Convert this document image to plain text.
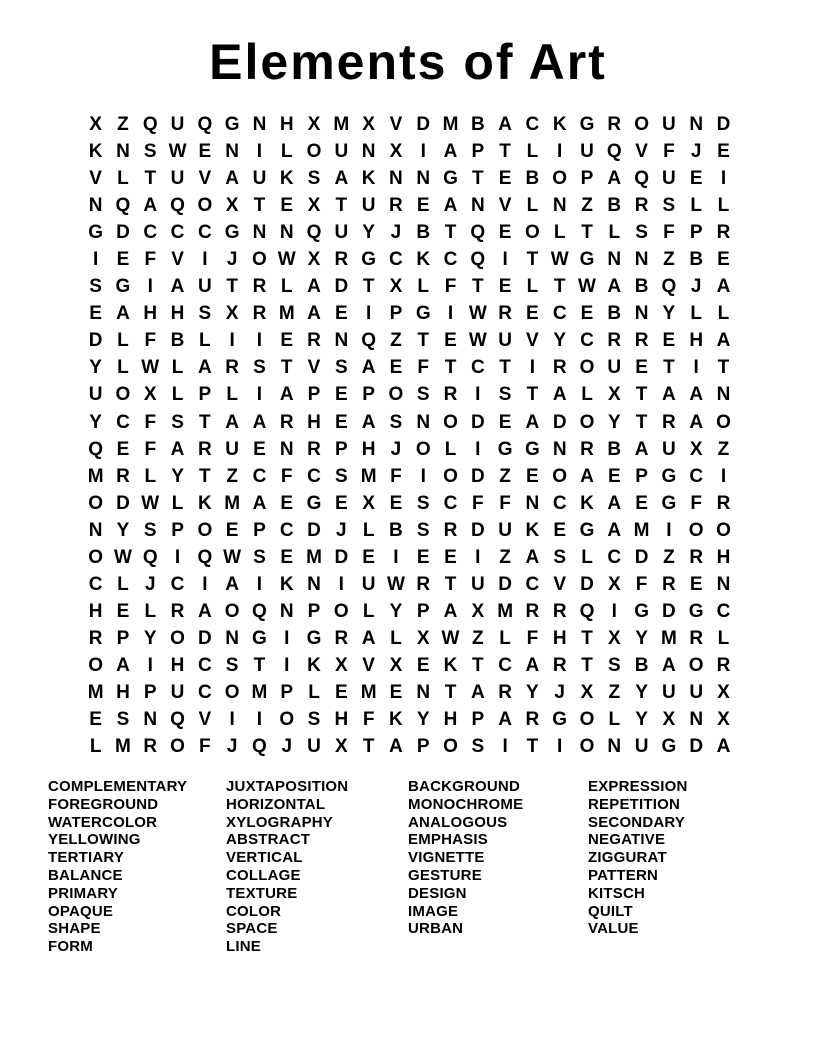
Elements of Art
X Z Q U Q G N H X M X V D M B A C K G R O U N D
K N S W E N I L O U N X I A P T L I U Q V F J E
V L T U V A U K S A K N N G T E B O P A Q U E I
N Q A Q O X T E X T U R E A N V L N Z B R S L L
G D C C C G N N Q U Y J B T Q E O L T L S F P R
I E F V I	J O W X R G C K C Q I T W G N N Z B E
S G I A U T R L A D T X L F T E L T W A B Q J A
E A H H S X R M A E I P G I W R E C E B N Y L L
D L F B L I	I E R N Q Z T E W U V Y C R R E H A
Y L W L A R S T V S A E F T C T I R O U E T I T
U O X L P L I A P E P O S R I S T A L X T A A N
Y C F S T A A R H E A S N O D E A D O Y T R A O
Q E F A R U E N R P H J O L I G G N R B A U X Z
M R L Y T Z C F C S M F I O D Z E O A E P G C I
O D W L K M A E G E X E S C F F N C K A E G F R
N Y S P O E P C D J L B S R D U K E G A M I O O
O W Q I Q W S E M D E I E E I Z A S L C D Z R H
C L J C I A I K N I U W R T U D C V D X F R E N
H E L R A O Q N P O L Y P A X M R R Q I G D G C
R P Y O D N G I G R A L X W Z L F H T X Y M R L
O A I H C S T I K X V X E K T C A R T S B A O R
M H P U C O M P L E M E N T A R Y J X Z Y U U X
E S N Q V I	I O S H F K Y H P A R G O L Y X N X
L M R O F J Q J U X T A P O S I T I O N U G D A
COMPLEMENTARY
FOREGROUND
WATERCOLOR
YELLOWING
TERTIARY
BALANCE
PRIMARY
OPAQUE
SHAPE
FORM
JUXTAPOSITION
HORIZONTAL
XYLOGRAPHY
ABSTRACT
VERTICAL
COLLAGE
TEXTURE
COLOR
SPACE
LINE
BACKGROUND
MONOCHROME
ANALOGOUS
EMPHASIS
VIGNETTE
GESTURE
DESIGN
IMAGE
URBAN
EXPRESSION
REPETITION
SECONDARY
NEGATIVE
ZIGGURAT
PATTERN
KITSCH
QUILT
VALUE
